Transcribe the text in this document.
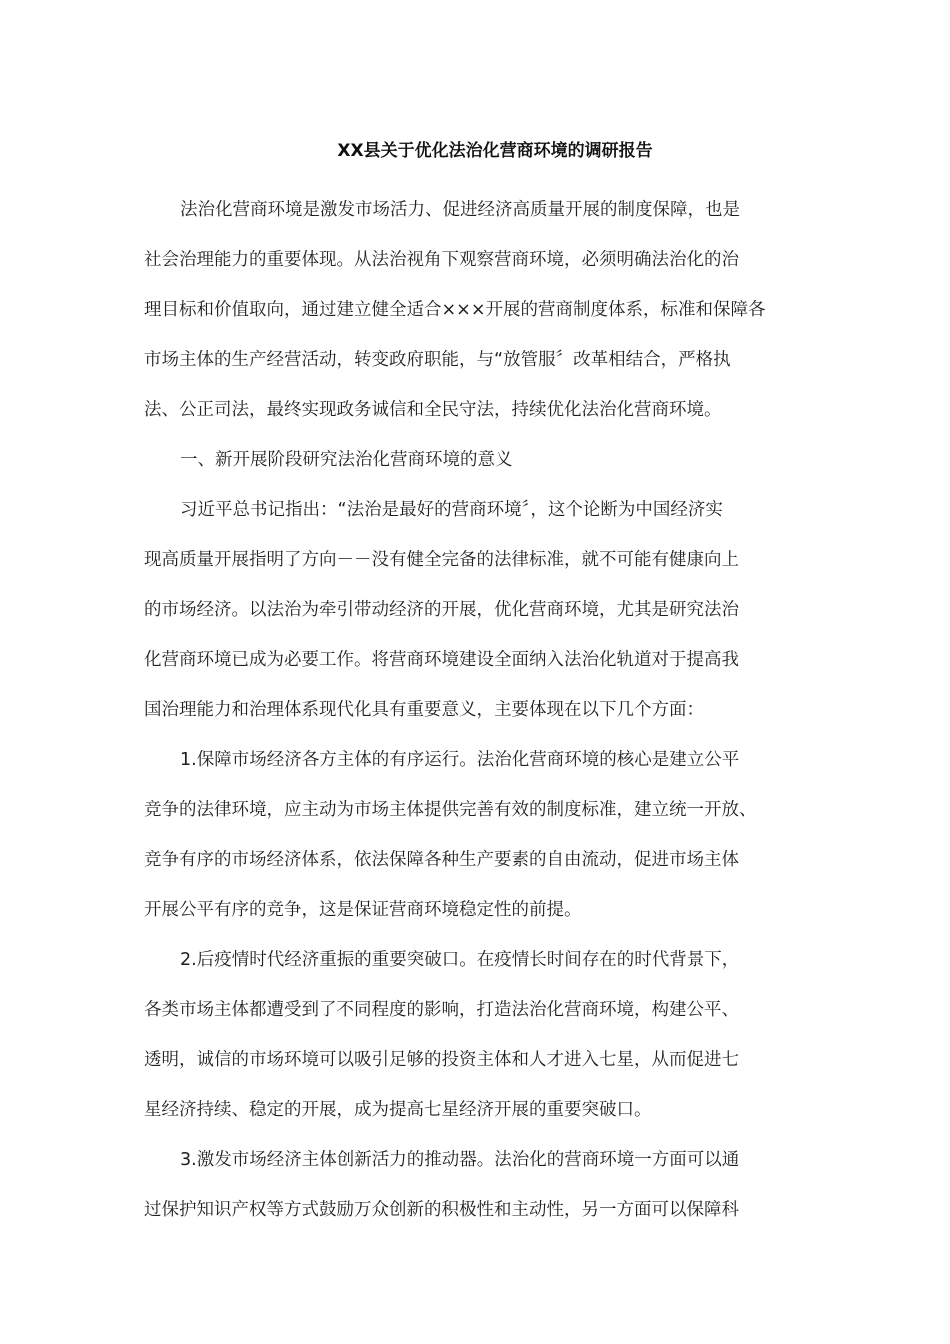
XX县关于优化法治化营商环境的调研报告
法治化营商环境是激发市场活力、促进经济高质量开展的制度保障，也是
社会治理能力的重要体现。从法治视角下观察营商环境，必须明确法治化的治
理目标和价值取向，通过建立健全适合×××开展的营商制度体系，标准和保障各
市场主体的生产经营活动，转变政府职能，与“放管服〞改革相结合，严格执
法、公正司法，最终实现政务诚信和全民守法，持续优化法治化营商环境。
一、新开展阶段研究法治化营商环境的意义
习近平总书记指出：“法治是最好的营商环境〞，这个论断为中国经济实
现高质量开展指明了方向－－没有健全完备的法律标准，就不可能有健康向上
的市场经济。以法治为牵引带动经济的开展，优化营商环境，尤其是研究法治
化营商环境已成为必要工作。将营商环境建设全面纳入法治化轨道对于提高我
国治理能力和治理体系现代化具有重要意义，主要体现在以下几个方面：
1.保障市场经济各方主体的有序运行。法治化营商环境的核心是建立公平
竞争的法律环境，应主动为市场主体提供完善有效的制度标准，建立统一开放、
竞争有序的市场经济体系，依法保障各种生产要素的自由流动，促进市场主体
开展公平有序的竞争，这是保证营商环境稳定性的前提。
2.后疫情时代经济重振的重要突破口。在疫情长时间存在的时代背景下，
各类市场主体都遭受到了不同程度的影响，打造法治化营商环境，构建公平、
透明，诚信的市场环境可以吸引足够的投资主体和人才进入七星，从而促进七
星经济持续、稳定的开展，成为提高七星经济开展的重要突破口。
3.激发市场经济主体创新活力的推动器。法治化的营商环境一方面可以通
过保护知识产权等方式鼓励万众创新的积极性和主动性，另一方面可以保障科
